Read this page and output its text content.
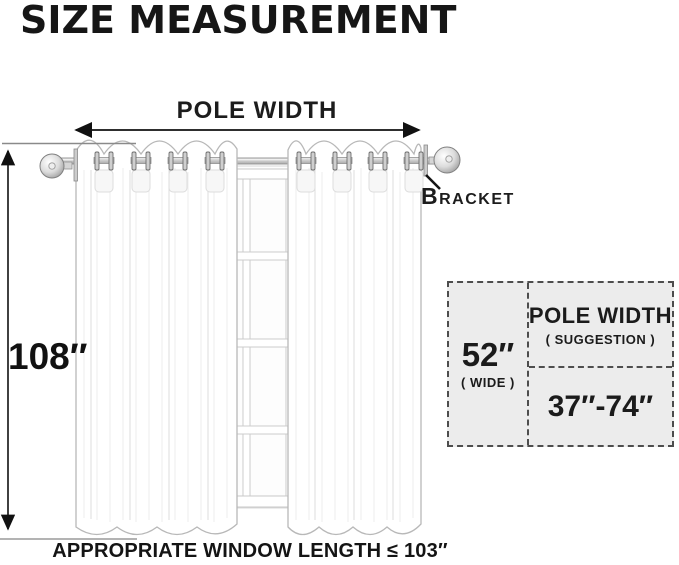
SIZE MEASUREMENT
POLE WIDTH
Bracket
108″
APPROPRIATE WINDOW LENGTH ≤ 103″
52″
( WIDE )
POLE WIDTH
( SUGGESTION )
37″-74″
